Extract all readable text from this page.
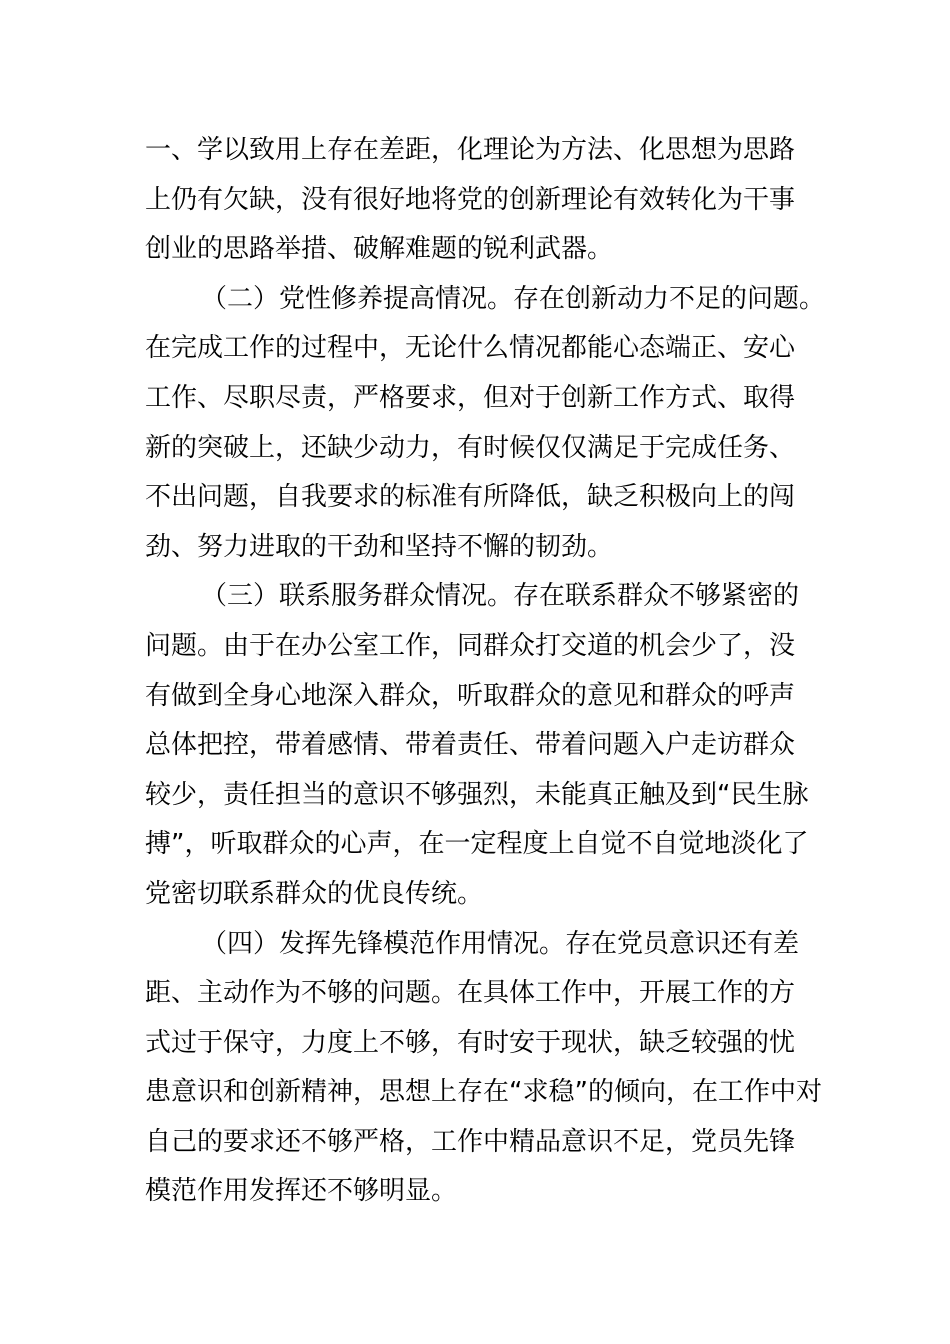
一、学以致用上存在差距，化理论为方法、化思想为思路
上仍有欠缺，没有很好地将党的创新理论有效转化为干事
创业的思路举措、破解难题的锐利武器。
（二）党性修养提高情况。存在创新动力不足的问题。
在完成工作的过程中，无论什么情况都能心态端正、安心
工作、尽职尽责，严格要求，但对于创新工作方式、取得
新的突破上，还缺少动力，有时候仅仅满足于完成任务、
不出问题，自我要求的标准有所降低，缺乏积极向上的闯
劲、努力进取的干劲和坚持不懈的韧劲。
（三）联系服务群众情况。存在联系群众不够紧密的
问题。由于在办公室工作，同群众打交道的机会少了，没
有做到全身心地深入群众，听取群众的意见和群众的呼声
总体把控，带着感情、带着责任、带着问题入户走访群众
较少，责任担当的意识不够强烈，未能真正触及到“民生脉
搏”，听取群众的心声，在一定程度上自觉不自觉地淡化了
党密切联系群众的优良传统。
（四）发挥先锋模范作用情况。存在党员意识还有差
距、主动作为不够的问题。在具体工作中，开展工作的方
式过于保守，力度上不够，有时安于现状，缺乏较强的忧
患意识和创新精神，思想上存在“求稳”的倾向，在工作中对
自己的要求还不够严格，工作中精品意识不足，党员先锋
模范作用发挥还不够明显。
